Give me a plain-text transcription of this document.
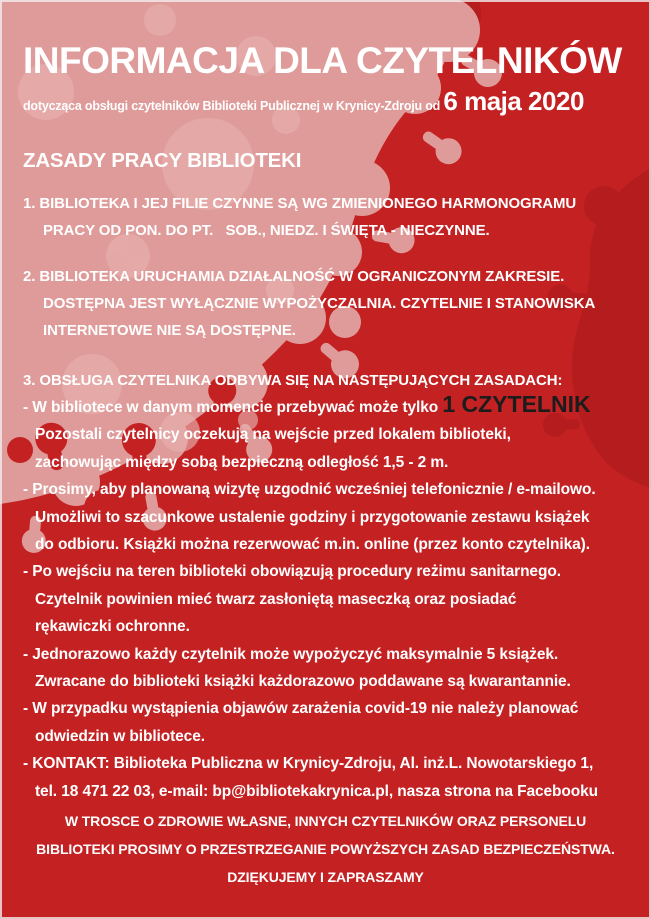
INFORMACJA DLA CZYTELNIKÓW
dotycząca obsługi czytelników Biblioteki Publicznej w Krynicy-Zdroju od 6 maja 2020
ZASADY PRACY BIBLIOTEKI
1. BIBLIOTEKA I JEJ FILIE CZYNNE SĄ WG ZMIENIONEGO HARMONOGRAMU
PRACY OD PON. DO PT.   SOB., NIEDZ. I ŚWIĘTA - NIECZYNNE.
2. BIBLIOTEKA URUCHAMIA DZIAŁALNOŚĆ W OGRANICZONYM ZAKRESIE.
DOSTĘPNA JEST WYŁĄCZNIE WYPOŻYCZALNIA. CZYTELNIE I STANOWISKA
INTERNETOWE NIE SĄ DOSTĘPNE.
3. OBSŁUGA CZYTELNIKA ODBYWA SIĘ NA NASTĘPUJĄCYCH ZASADACH:
- W bibliotece w danym momencie przebywać może tylko 1 CZYTELNIK
Pozostali czytelnicy oczekują na wejście przed lokalem biblioteki,
zachowując między sobą bezpieczną odległość 1,5 - 2 m.
- Prosimy, aby planowaną wizytę uzgodnić wcześniej telefonicznie / e-mailowo.
Umożliwi to szacunkowe ustalenie godziny i przygotowanie zestawu książek
do odbioru. Książki można rezerwować m.in. online (przez konto czytelnika).
- Po wejściu na teren biblioteki obowiązują procedury reżimu sanitarnego.
Czytelnik powinien mieć twarz zasłoniętą maseczką oraz posiadać
rękawiczki ochronne.
- Jednorazowo każdy czytelnik może wypożyczyć maksymalnie 5 książek.
Zwracane do biblioteki książki każdorazowo poddawane są kwarantannie.
- W przypadku wystąpienia objawów zarażenia covid-19 nie należy planować
odwiedzin w bibliotece.
- KONTAKT: Biblioteka Publiczna w Krynicy-Zdroju, Al. inż.L. Nowotarskiego 1,
tel. 18 471 22 03, e-mail: bp@bibliotekakrynica.pl, nasza strona na Facebooku
W TROSCE O ZDROWIE WŁASNE, INNYCH CZYTELNIKÓW ORAZ PERSONELU
BIBLIOTEKI PROSIMY O PRZESTRZEGANIE POWYŻSZYCH ZASAD BEZPIECZEŃSTWA.
DZIĘKUJEMY I ZAPRASZAMY
